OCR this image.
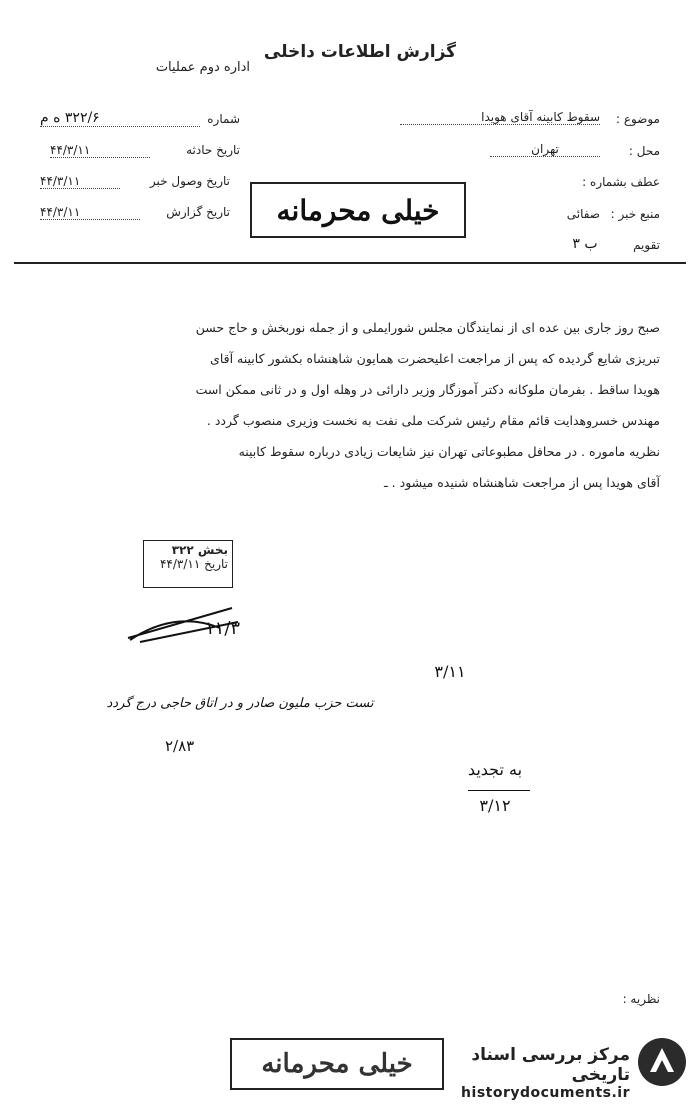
گزارش اطلاعات داخلی
اداره دوم عملیات
موضوع :
سقوط کابینه آقای هویدا
محل :
تهران
عطف بشماره :
منبع خبر :
صفائی
تقویم
ب ۳
شماره
۳۲۲/۶ ه م
تاریخ حادثه
۴۴/۳/۱۱
تاریخ وصول خبر
۴۴/۳/۱۱
تاریخ گزارش
۴۴/۳/۱۱	خیلی محرمانه

صبح روز جاری بین عده ای از نمایندگان مجلس شورایملی و از جمله نوربخش و حاج حسن

تبریزی شایع گردیده که پس از مراجعت اعلیحضرت همایون شاهنشاه بکشور کابینه آقای

هویدا ساقط . بفرمان ملوکانه دکتر آموزگار وزیر دارائی در وهله اول و در ثانی ممکن است

مهندس خسروهدایت قائم مقام رئیس شرکت ملی نفت به نخست وزیری منصوب گردد .

نظریه ماموره . در محافل مطبوعاتی تهران نیز شایعات زیادی درباره سقوط کابینه

آقای هویدا پس از مراجعت شاهنشاه شنیده میشود . ـ

بخش ۳۲۲
تاریخ ۴۴/۳/۱۱
۱۱/۳
۳/۱۱
تست حزب ملیون صادر و در اتاق حاجی درج گردد
۲/۸۳
به تجدید
۳/۱۲
نظریه :
خیلی محرمانه	مرکز بررسی اسناد تاریخی
historydocuments.ir
